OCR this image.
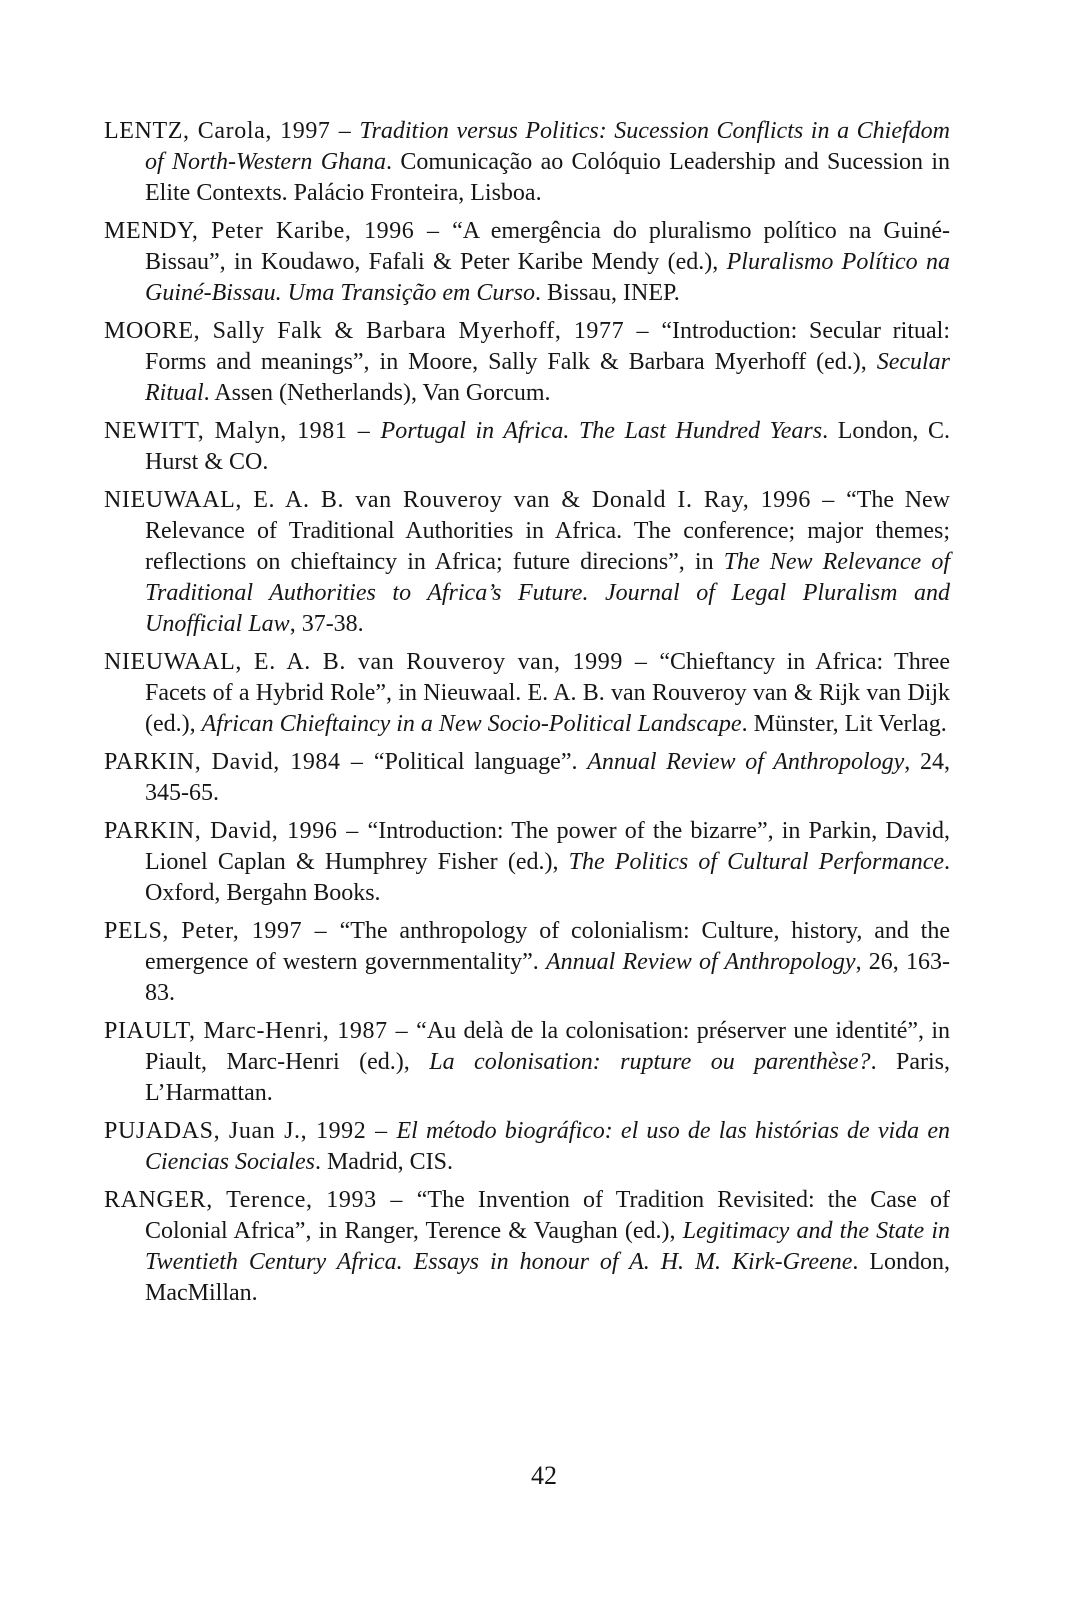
LENTZ, Carola, 1997 – Tradition versus Politics: Sucession Conflicts in a Chiefdom of North-Western Ghana. Comunicação ao Colóquio Leadership and Sucession in Elite Contexts. Palácio Fronteira, Lisboa.

MENDY, Peter Karibe, 1996 – “A emergência do pluralismo político na Guiné-Bissau”, in Koudawo, Fafali & Peter Karibe Mendy (ed.), Pluralismo Político na Guiné-Bissau. Uma Transição em Curso. Bissau, INEP.

MOORE, Sally Falk & Barbara Myerhoff, 1977 – “Introduction: Secular ritual: Forms and meanings”, in Moore, Sally Falk & Barbara Myerhoff (ed.), Secular Ritual. Assen (Netherlands), Van Gorcum.

NEWITT, Malyn, 1981 – Portugal in Africa. The Last Hundred Years. London, C. Hurst & CO.

NIEUWAAL, E. A. B. van Rouveroy van & Donald I. Ray, 1996 – “The New Relevance of Traditional Authorities in Africa. The conference; major themes; reflections on chieftaincy in Africa; future direcions”, in The New Relevance of Traditional Authorities to Africa’s Future. Journal of Legal Pluralism and Unofficial Law, 37-38.

NIEUWAAL, E. A. B. van Rouveroy van, 1999 – “Chieftancy in Africa: Three Facets of a Hybrid Role”, in Nieuwaal. E. A. B. van Rouveroy van & Rijk van Dijk (ed.), African Chieftaincy in a New Socio-Political Landscape. Münster, Lit Verlag.

PARKIN, David, 1984 – “Political language”. Annual Review of Anthropology, 24, 345-65.

PARKIN, David, 1996 – “Introduction: The power of the bizarre”, in Parkin, David, Lionel Caplan & Humphrey Fisher (ed.), The Politics of Cultural Performance. Oxford, Bergahn Books.

PELS, Peter, 1997 – “The anthropology of colonialism: Culture, history, and the emergence of western governmentality”. Annual Review of Anthropology, 26, 163-83.

PIAULT, Marc-Henri, 1987 – “Au delà de la colonisation: préserver une identité”, in Piault, Marc-Henri (ed.), La colonisation: rupture ou parenthèse?. Paris, L’Harmattan.

PUJADAS, Juan J., 1992 – El método biográfico: el uso de las histórias de vida en Ciencias Sociales. Madrid, CIS.

RANGER, Terence, 1993 – “The Invention of Tradition Revisited: the Case of Colonial Africa”, in Ranger, Terence & Vaughan (ed.), Legitimacy and the State in Twentieth Century Africa. Essays in honour of A. H. M. Kirk-Greene. London, MacMillan.

42
